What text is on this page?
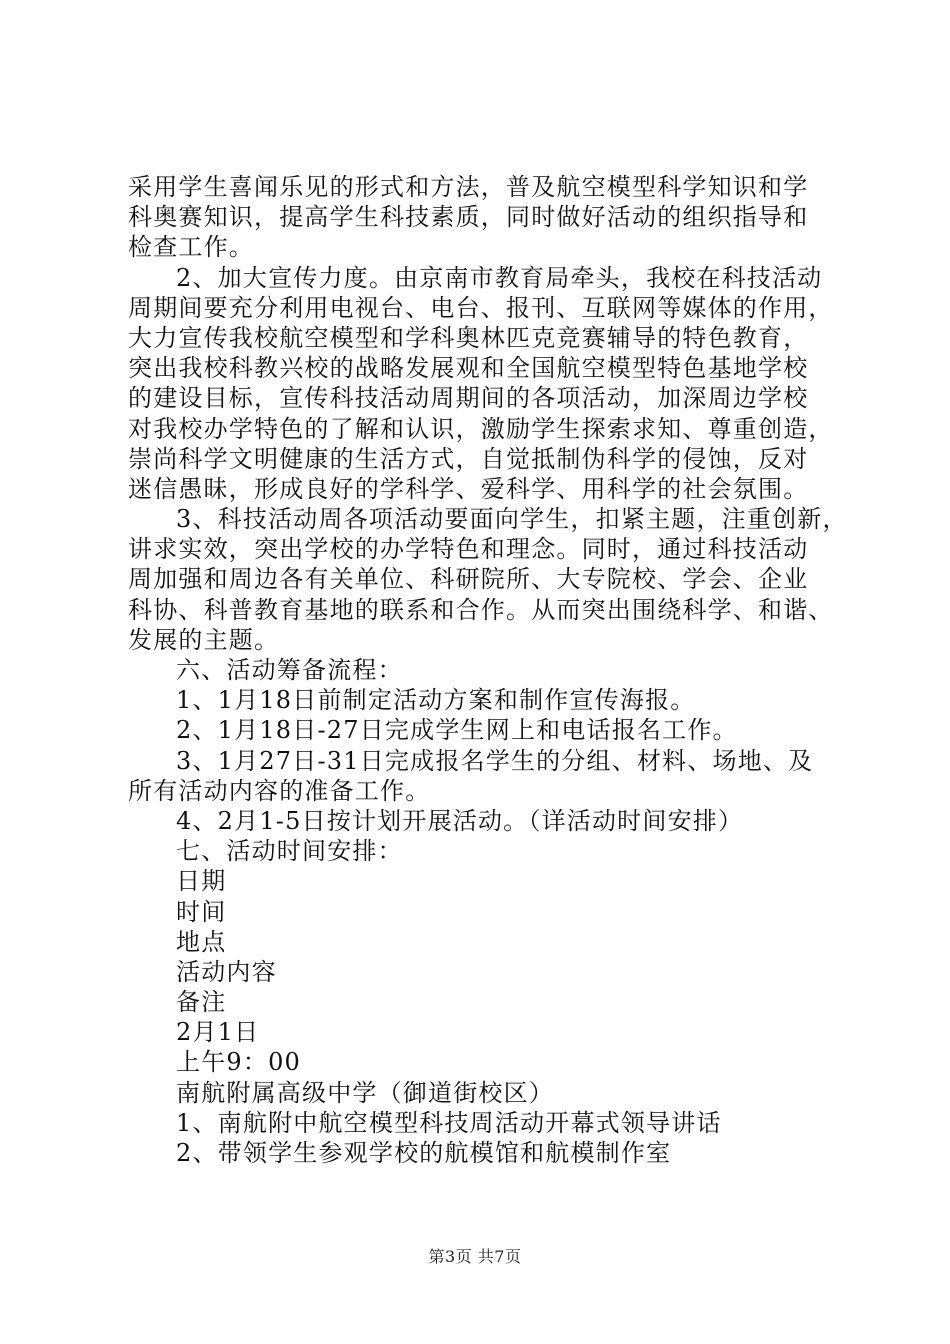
采用学生喜闻乐见的形式和方法，普及航空模型科学知识和学
科奥赛知识，提高学生科技素质，同时做好活动的组织指导和
检查工作。
2、加大宣传力度。由京南市教育局牵头，我校在科技活动
周期间要充分利用电视台、电台、报刊、互联网等媒体的作用，
大力宣传我校航空模型和学科奥林匹克竞赛辅导的特色教育，
突出我校科教兴校的战略发展观和全国航空模型特色基地学校
的建设目标，宣传科技活动周期间的各项活动，加深周边学校
对我校办学特色的了解和认识，激励学生探索求知、尊重创造，
崇尚科学文明健康的生活方式，自觉抵制伪科学的侵蚀，反对
迷信愚昧，形成良好的学科学、爱科学、用科学的社会氛围。
3、科技活动周各项活动要面向学生，扣紧主题，注重创新，
讲求实效，突出学校的办学特色和理念。同时，通过科技活动
周加强和周边各有关单位、科研院所、大专院校、学会、企业
科协、科普教育基地的联系和合作。从而突出围绕科学、和谐、
发展的主题。
六、活动筹备流程：
1、1月18日前制定活动方案和制作宣传海报。
2、1月18日-27日完成学生网上和电话报名工作。
3、1月27日-31日完成报名学生的分组、材料、场地、及
所有活动内容的准备工作。
4、2月1-5日按计划开展活动。（详活动时间安排）
七、活动时间安排：
日期
时间
地点
活动内容
备注
2月1日
上午9：00
南航附属高级中学（御道街校区）
1、南航附中航空模型科技周活动开幕式领导讲话
2、带领学生参观学校的航模馆和航模制作室
第3页 共7页
